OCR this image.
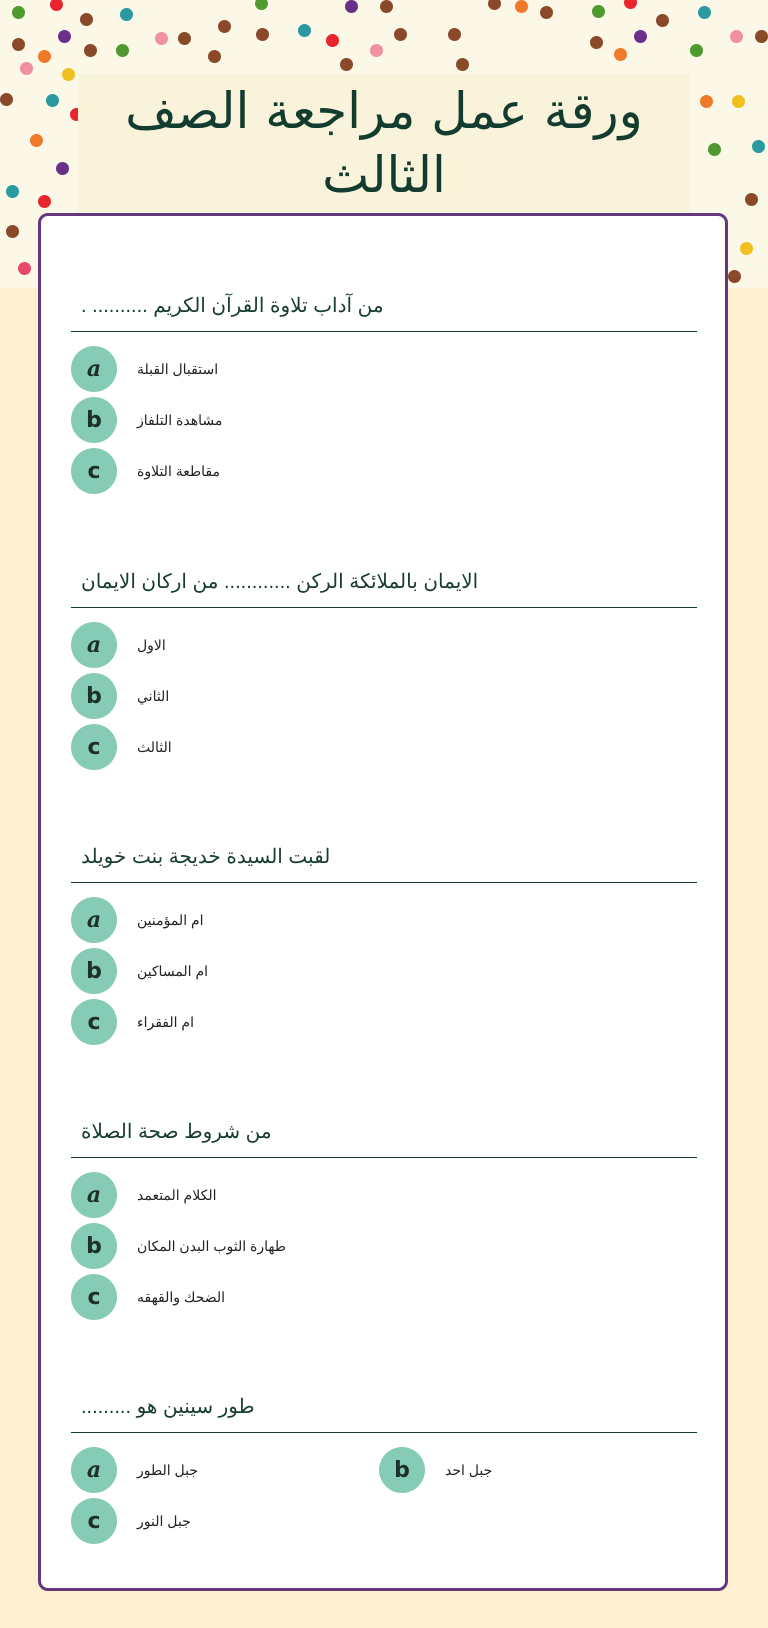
ورقة عمل مراجعة الصف الثالث
من آداب تلاوة القرآن الكريم .......... .
a	استقبال القبلة
b	مشاهدة التلفاز
c	مقاطعة التلاوة
الايمان بالملائكة الركن ............ من اركان الايمان
a	الاول
b	الثاني
c	الثالث
لقبت السيدة خديجة بنت خويلد
a	ام المؤمنين
b	ام المساكين
c	ام الفقراء
من شروط صحة الصلاة
a	الكلام المتعمد
b	طهارة الثوب البدن المكان
c	الضحك والقهقه
طور سينين هو .........
a	جبل الطور	b	جبل احد
c	جبل النور
